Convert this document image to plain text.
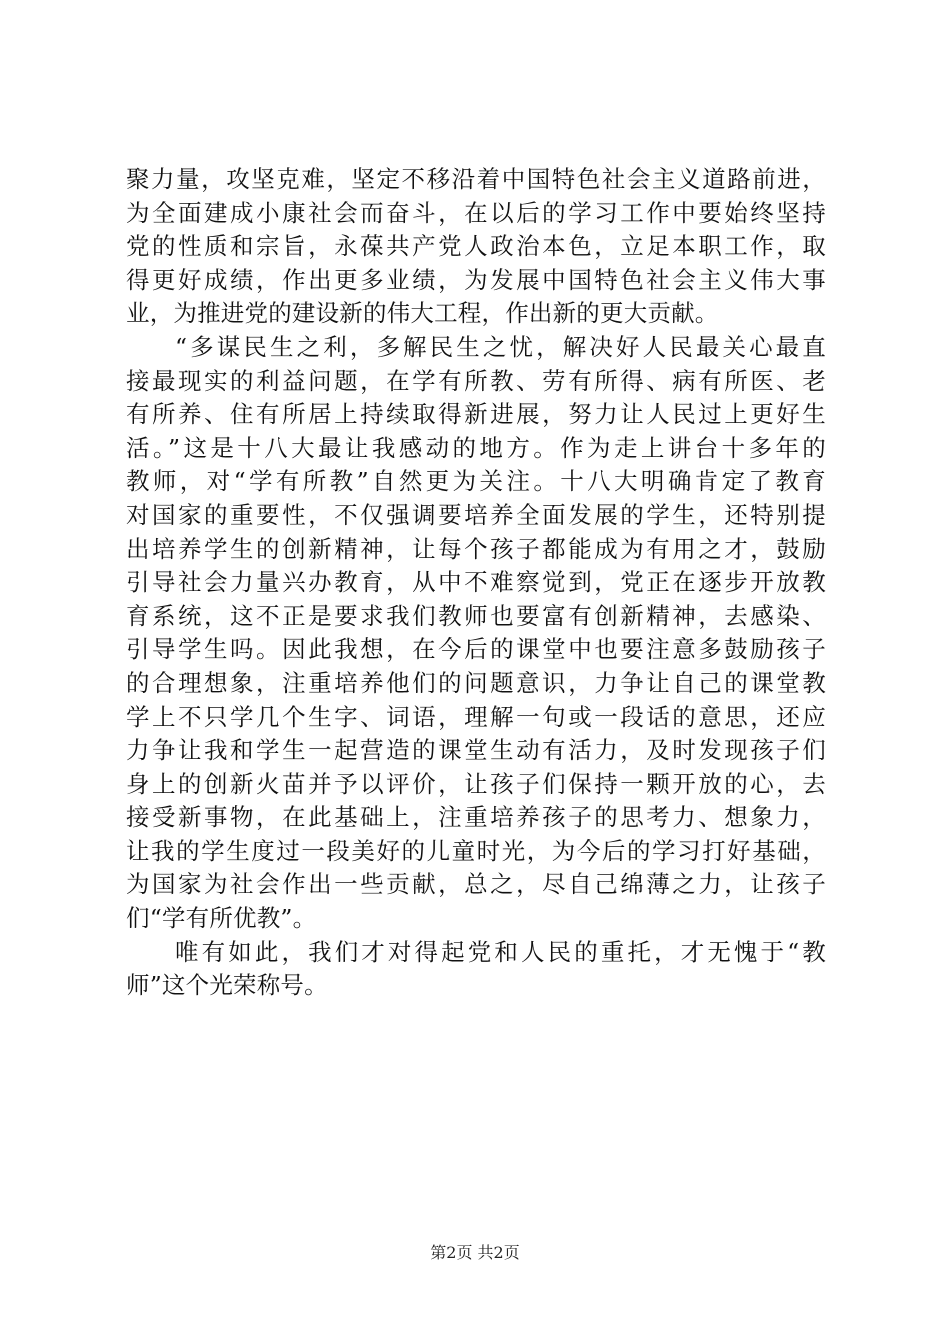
聚力量，攻坚克难，坚定不移沿着中国特色社会主义道路前进，
为全面建成小康社会而奋斗，在以后的学习工作中要始终坚持
党的性质和宗旨，永葆共产党人政治本色，立足本职工作，取
得更好成绩，作出更多业绩，为发展中国特色社会主义伟大事
业，为推进党的建设新的伟大工程，作出新的更大贡献。
“多谋民生之利，多解民生之忧，解决好人民最关心最直
接最现实的利益问题，在学有所教、劳有所得、病有所医、老
有所养、住有所居上持续取得新进展，努力让人民过上更好生
活。”这是十八大最让我感动的地方。作为走上讲台十多年的
教师，对“学有所教”自然更为关注。十八大明确肯定了教育
对国家的重要性，不仅强调要培养全面发展的学生，还特别提
出培养学生的创新精神，让每个孩子都能成为有用之才，鼓励
引导社会力量兴办教育，从中不难察觉到，党正在逐步开放教
育系统，这不正是要求我们教师也要富有创新精神，去感染、
引导学生吗。因此我想，在今后的课堂中也要注意多鼓励孩子
的合理想象，注重培养他们的问题意识，力争让自己的课堂教
学上不只学几个生字、词语，理解一句或一段话的意思，还应
力争让我和学生一起营造的课堂生动有活力，及时发现孩子们
身上的创新火苗并予以评价，让孩子们保持一颗开放的心，去
接受新事物，在此基础上，注重培养孩子的思考力、想象力，
让我的学生度过一段美好的儿童时光，为今后的学习打好基础，
为国家为社会作出一些贡献，总之，尽自己绵薄之力，让孩子
们“学有所优教”。
唯有如此，我们才对得起党和人民的重托，才无愧于“教
师”这个光荣称号。
第2页 共2页
